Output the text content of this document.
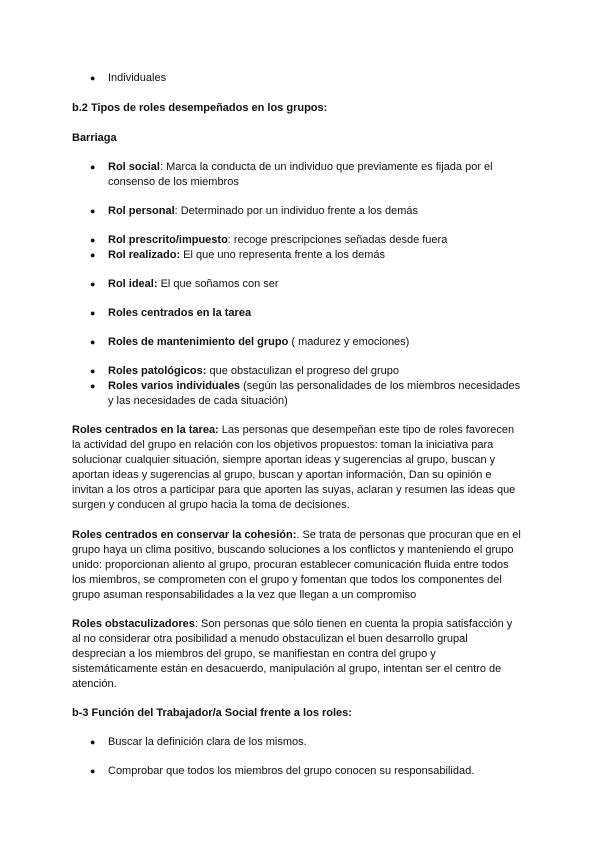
● Individuales
b.2 Tipos de roles desempeñados en los grupos:
Barriaga
● Rol social: Marca la conducta de un individuo que previamente es fijada por el
consenso de los miembros
● Rol personal: Determinado por un individuo frente a los demás
● Rol prescrito/impuesto: recoge prescripciones señadas desde fuera
● Rol realizado: El que uno representa frente a los demás
● Rol ideal: El que soñamos con ser
● Roles centrados en la tarea
● Roles de mantenimiento del grupo ( madurez y emociones)
● Roles patológicos: que obstaculizan el progreso del grupo
● Roles varios individuales (según las personalidades de los miembros necesidades
y las necesidades de cada situación)
Roles centrados en la tarea: Las personas que desempeñan este tipo de roles favorecen
la actividad del grupo en relación con los objetivos propuestos: toman la iniciativa para
solucionar cualquier situación, siempre aportan ideas y sugerencias al grupo, buscan y
aportan ideas y sugerencias al grupo, buscan y aportan información, Dan su opinión e
invitan a los otros a participar para que aporten las suyas, aclaran y resumen las ideas que
surgen y conducen al grupo hacia la toma de decisiones.
Roles centrados en conservar la cohesión:. Se trata de personas que procuran que en el
grupo haya un clima positivo, buscando soluciones a los conflictos y manteniendo el grupo
unido: proporcionan aliento al grupo, procuran establecer comunicación fluida entre todos
los miembros, se comprometen con el grupo y fomentan que todos los componentes del
grupo asuman responsabilidades a la vez que llegan a un compromiso
Roles obstaculizadores: Son personas que sólo tienen en cuenta la propia satisfacción y
al no considerar otra posibilidad a menudo obstaculizan el buen desarrollo grupal
desprecian a los miembros del grupo, se manifiestan en contra del grupo y
sistemáticamente están en desacuerdo, manipulación al grupo, intentan ser el centro de
atención.
b-3 Función del Trabajador/a Social frente a los roles:
● Buscar la definición clara de los mismos.
● Comprobar que todos los miembros del grupo conocen su responsabilidad.
